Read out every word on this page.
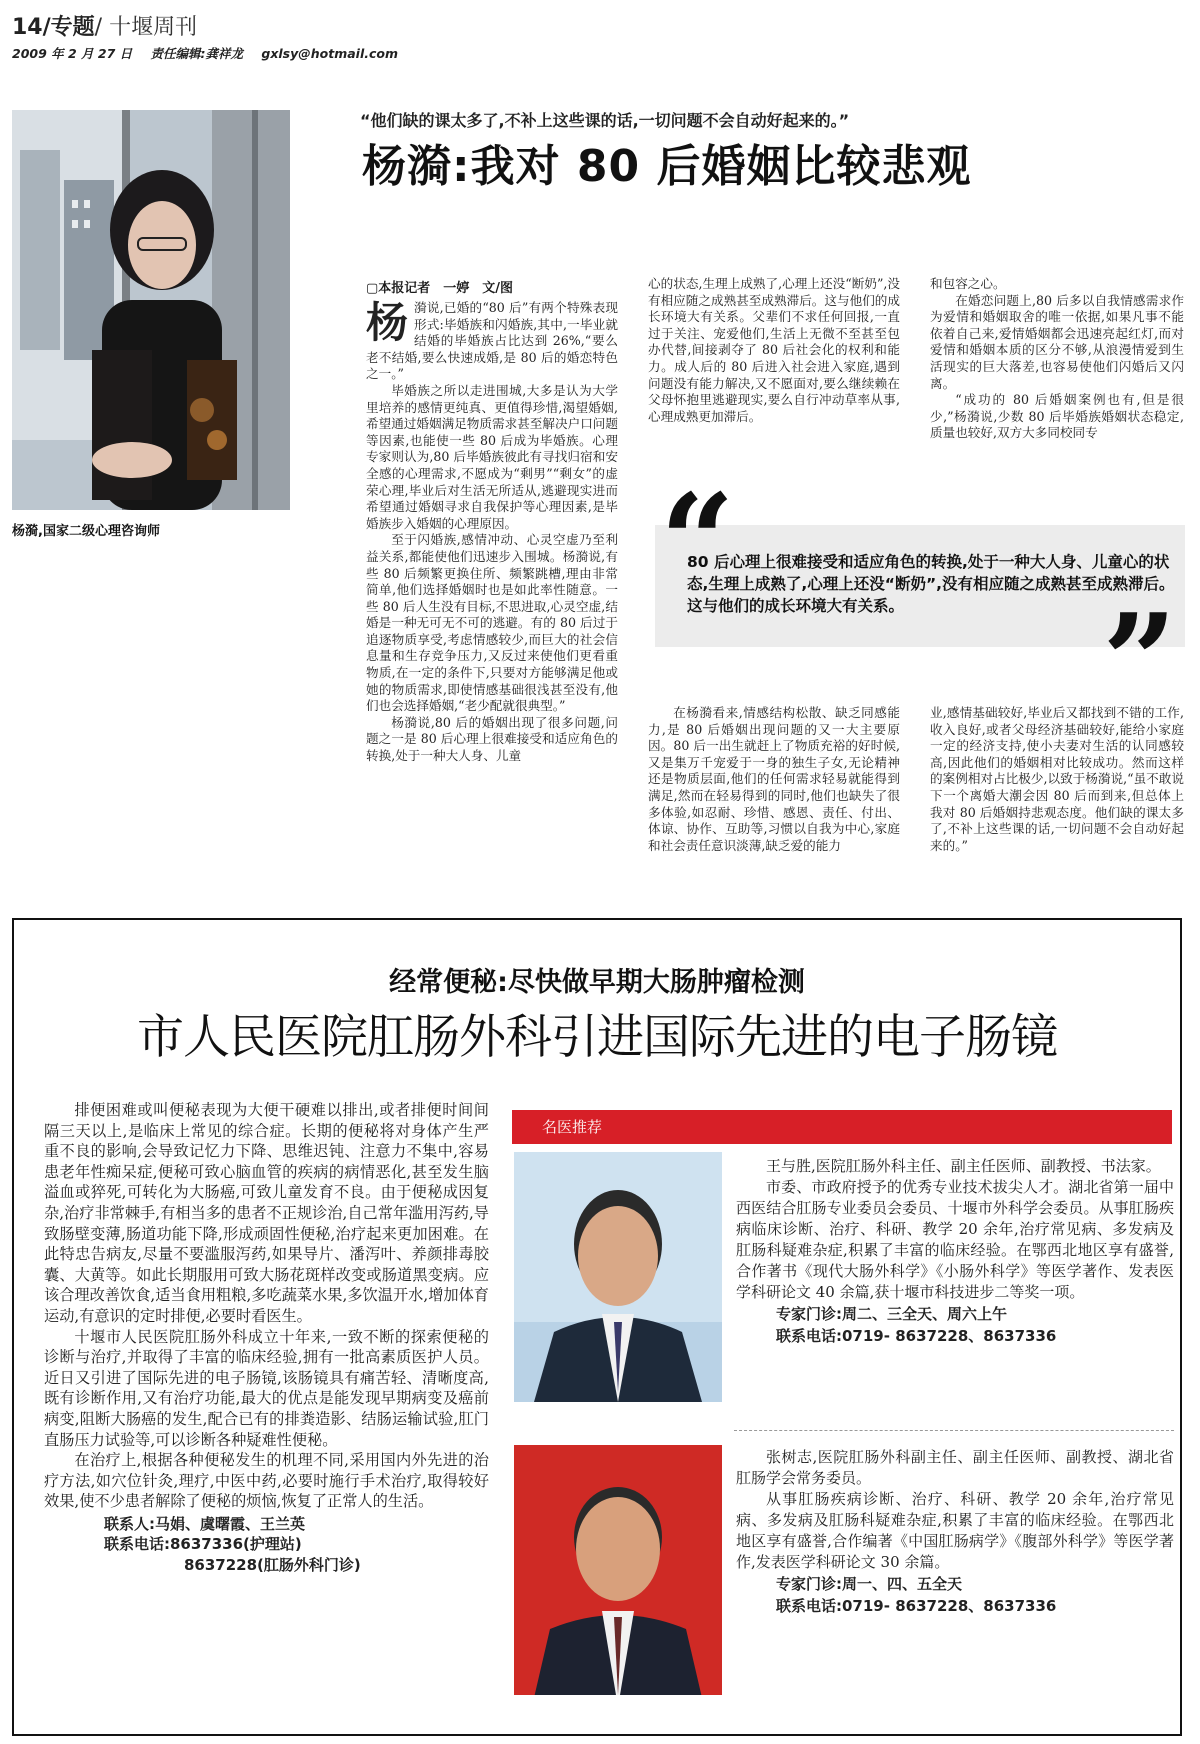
14/专题/ 十堰周刊
2009 年 2 月 27 日 责任编辑:龚祥龙 gxlsy@hotmail.com
杨漪,国家二级心理咨询师
“他们缺的课太多了,不补上这些课的话,一切问题不会自动好起来的。”
杨漪:我对 80 后婚姻比较悲观
▢本报记者　一婷　文/图

杨漪说,已婚的“80 后”有两个特殊表现形式:毕婚族和闪婚族,其中,一毕业就结婚的毕婚族占比达到 26%,“要么老不结婚,要么快速成婚,是 80 后的婚恋特色之一。”

毕婚族之所以走进围城,大多是认为大学里培养的感情更纯真、更值得珍惜,渴望婚姻,希望通过婚姻满足物质需求甚至解决户口问题等因素,也能使一些 80 后成为毕婚族。心理专家则认为,80 后毕婚族彼此有寻找归宿和安全感的心理需求,不愿成为“剩男”“剩女”的虚荣心理,毕业后对生活无所适从,逃避现实进而希望通过婚姻寻求自我保护等心理因素,是毕婚族步入婚姻的心理原因。

至于闪婚族,感情冲动、心灵空虚乃至利益关系,都能使他们迅速步入围城。杨漪说,有些 80 后频繁更换住所、频繁跳槽,理由非常简单,他们选择婚姻时也是如此率性随意。一些 80 后人生没有目标,不思进取,心灵空虚,结婚是一种无可无不可的逃避。有的 80 后过于追逐物质享受,考虑情感较少,而巨大的社会信息量和生存竞争压力,又反过来使他们更看重物质,在一定的条件下,只要对方能够满足他或她的物质需求,即使情感基础很浅甚至没有,他们也会选择婚姻,“老少配就很典型。”

杨漪说,80 后的婚姻出现了很多问题,问题之一是 80 后心理上很难接受和适应角色的转换,处于一种大人身、儿童

心的状态,生理上成熟了,心理上还没“断奶”,没有相应随之成熟甚至成熟滞后。这与他们的成长环境大有关系。父辈们不求任何回报,一直过于关注、宠爱他们,生活上无微不至甚至包办代替,间接剥夺了 80 后社会化的权利和能力。成人后的 80 后进入社会进入家庭,遇到问题没有能力解决,又不愿面对,要么继续赖在父母怀抱里逃避现实,要么自行冲动草率从事,心理成熟更加滞后。

和包容之心。

在婚恋问题上,80 后多以自我情感需求作为爱情和婚姻取舍的唯一依据,如果凡事不能依着自己来,爱情婚姻都会迅速亮起红灯,而对爱情和婚姻本质的区分不够,从浪漫情爱到生活现实的巨大落差,也容易使他们闪婚后又闪离。

“成功的 80 后婚姻案例也有,但是很少,”杨漪说,少数 80 后毕婚族婚姻状态稳定,质量也较好,双方大多同校同专

“
80 后心理上很难接受和适应角色的转换,处于一种大人身、儿童心的状态,生理上成熟了,心理上还没“断奶”,没有相应随之成熟甚至成熟滞后。这与他们的成长环境大有关系。	”

在杨漪看来,情感结构松散、缺乏同感能力,是 80 后婚姻出现问题的又一大主要原因。80 后一出生就赶上了物质充裕的好时候,又是集万千宠爱于一身的独生子女,无论精神还是物质层面,他们的任何需求轻易就能得到满足,然而在轻易得到的同时,他们也缺失了很多体验,如忍耐、珍惜、感恩、责任、付出、体谅、协作、互助等,习惯以自我为中心,家庭和社会责任意识淡薄,缺乏爱的能力

业,感情基础较好,毕业后又都找到不错的工作,收入良好,或者父母经济基础较好,能给小家庭一定的经济支持,使小夫妻对生活的认同感较高,因此他们的婚姻相对比较成功。然而这样的案例相对占比极少,以致于杨漪说,“虽不敢说下一个离婚大潮会因 80 后而到来,但总体上我对 80 后婚姻持悲观态度。他们缺的课太多了,不补上这些课的话,一切问题不会自动好起来的。”

经常便秘:尽快做早期大肠肿瘤检测
市人民医院肛肠外科引进国际先进的电子肠镜

排便困难或叫便秘表现为大便干硬难以排出,或者排便时间间隔三天以上,是临床上常见的综合症。长期的便秘将对身体产生严重不良的影响,会导致记忆力下降、思维迟钝、注意力不集中,容易患老年性痴呆症,便秘可致心脑血管的疾病的病情恶化,甚至发生脑溢血或猝死,可转化为大肠癌,可致儿童发育不良。由于便秘成因复杂,治疗非常棘手,有相当多的患者不正规诊治,自己常年滥用泻药,导致肠壁变薄,肠道功能下降,形成顽固性便秘,治疗起来更加困难。在此特忠告病友,尽量不要滥服泻药,如果导片、潘泻叶、养颜排毒胶囊、大黄等。如此长期服用可致大肠花斑样改变或肠道黑变病。应该合理改善饮食,适当食用粗粮,多吃蔬菜水果,多饮温开水,增加体育运动,有意识的定时排便,必要时看医生。

十堰市人民医院肛肠外科成立十年来,一致不断的探索便秘的诊断与治疗,并取得了丰富的临床经验,拥有一批高素质医护人员。近日又引进了国际先进的电子肠镜,该肠镜具有痛苦轻、清晰度高,既有诊断作用,又有治疗功能,最大的优点是能发现早期病变及癌前病变,阻断大肠癌的发生,配合已有的排粪造影、结肠运输试验,肛门直肠压力试验等,可以诊断各种疑难性便秘。

在治疗上,根据各种便秘发生的机理不同,采用国内外先进的治疗方法,如穴位针灸,理疗,中医中药,必要时施行手术治疗,取得较好效果,使不少患者解除了便秘的烦恼,恢复了正常人的生活。

联系人:马娟、虞曙霞、王兰英
联系电话:8637336(护理站)
8637228(肛肠外科门诊)
名医推荐

王与胜,医院肛肠外科主任、副主任医师、副教授、书法家。

市委、市政府授予的优秀专业技术拔尖人才。湖北省第一届中西医结合肛肠专业委员会委员、十堰市外科学会委员。从事肛肠疾病临床诊断、治疗、科研、教学 20 余年,治疗常见病、多发病及肛肠科疑难杂症,积累了丰富的临床经验。在鄂西北地区享有盛誉,合作著书《现代大肠外科学》《小肠外科学》等医学著作、发表医学科研论文 40 余篇,获十堰市科技进步二等奖一项。

专家门诊:周二、三全天、周六上午
联系电话:0719- 8637228、8637336

张树志,医院肛肠外科副主任、副主任医师、副教授、湖北省肛肠学会常务委员。

从事肛肠疾病诊断、治疗、科研、教学 20 余年,治疗常见病、多发病及肛肠科疑难杂症,积累了丰富的临床经验。在鄂西北地区享有盛誉,合作编著《中国肛肠病学》《腹部外科学》等医学著作,发表医学科研论文 30 余篇。

专家门诊:周一、四、五全天
联系电话:0719- 8637228、8637336
